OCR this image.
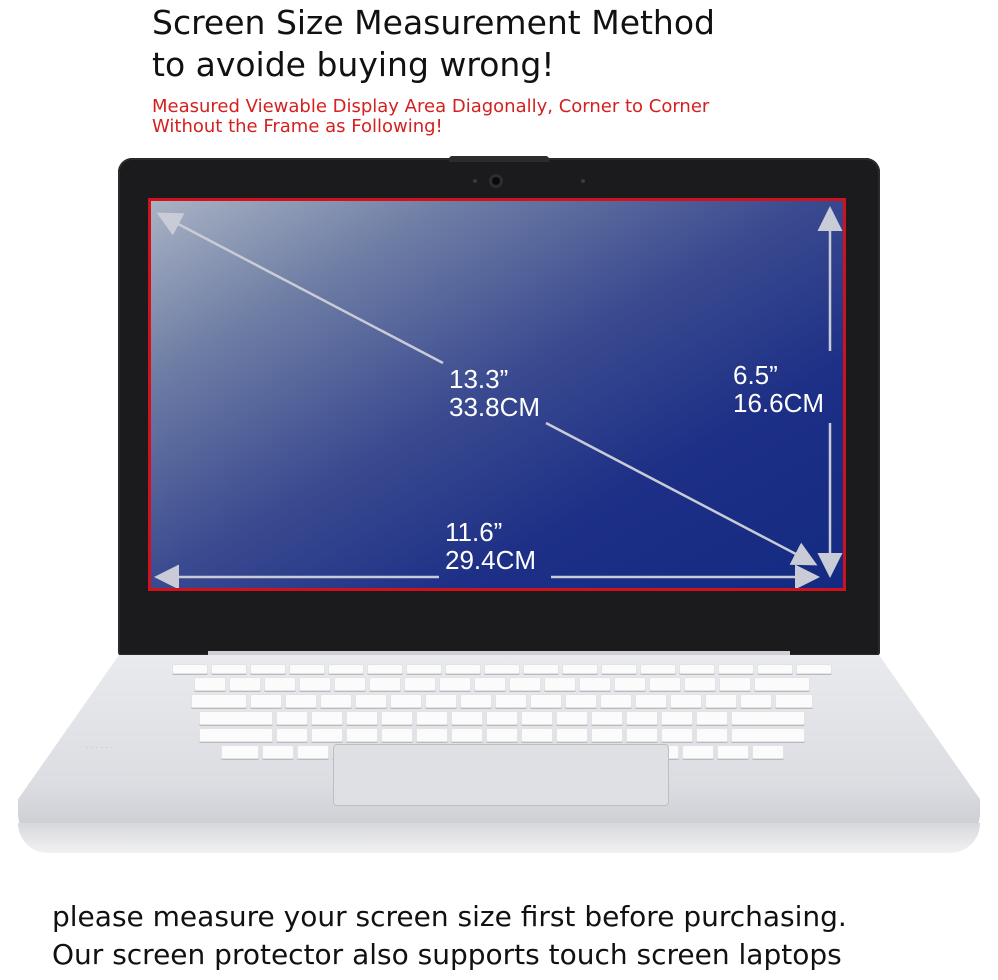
Screen Size Measurement Method
to avoide buying wrong!
Measured Viewable Display Area Diagonally, Corner to Corner
Without the Frame as Following!
13.3”
33.8CM
6.5”
16.6CM
11.6”
29.4CM
······
please measure your screen size first before purchasing.
Our screen protector also supports touch screen laptops
